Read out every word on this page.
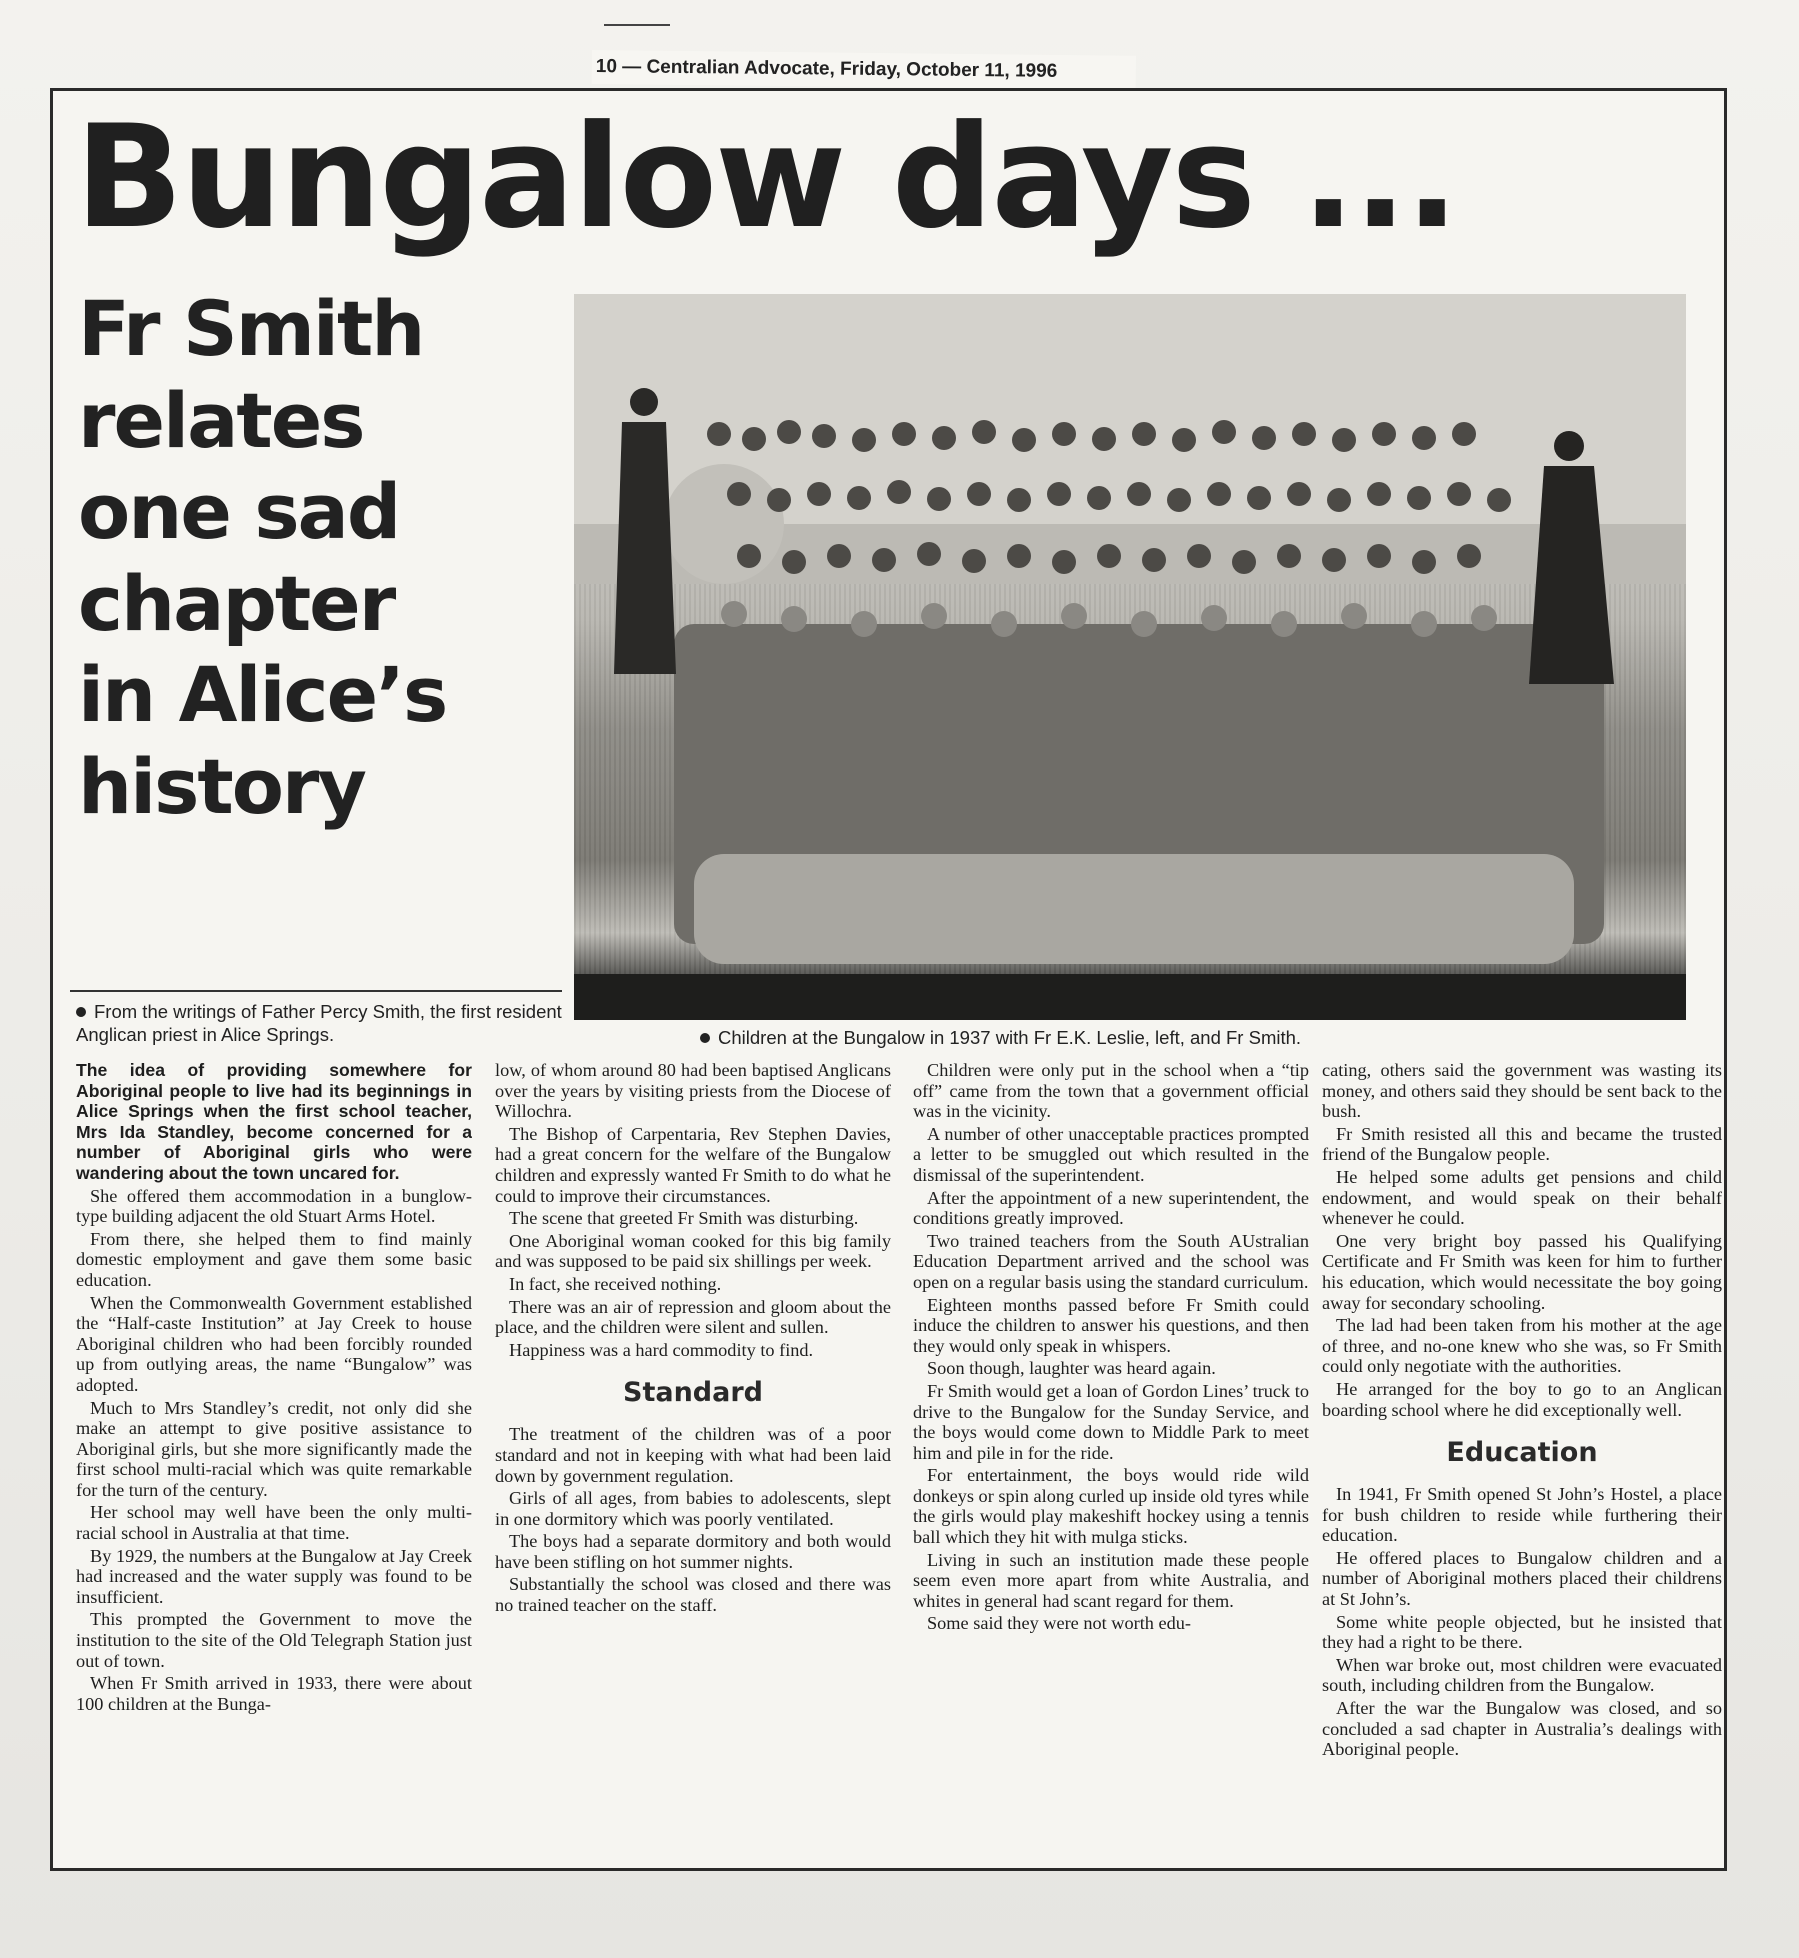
10 — Centralian Advocate, Friday, October 11, 1996
Bungalow days ...
Fr Smith
relates
one sad
chapter
in Alice’s
history
From the writings of Father Percy Smith, the first resident Anglican priest in Alice Springs.	Children at the Bungalow in 1937 with Fr E.K. Leslie, left, and Fr Smith.

The idea of providing somewhere for Aboriginal people to live had its beginnings in Alice Springs when the first school teacher, Mrs Ida Standley, become concerned for a number of Aboriginal girls who were wandering about the town uncared for.

She offered them accommodation in a bunglow-type building adjacent the old Stuart Arms Hotel.

From there, she helped them to find mainly domestic employment and gave them some basic education.

When the Commonwealth Government established the “Half-caste Institution” at Jay Creek to house Aboriginal children who had been forcibly rounded up from outlying areas, the name “Bungalow” was adopted.

Much to Mrs Standley’s credit, not only did she make an attempt to give positive assistance to Aboriginal girls, but she more significantly made the first school multi-racial which was quite remarkable for the turn of the century.

Her school may well have been the only multi-racial school in Australia at that time.

By 1929, the numbers at the Bungalow at Jay Creek had increased and the water supply was found to be insufficient.

This prompted the Government to move the institution to the site of the Old Telegraph Station just out of town.

When Fr Smith arrived in 1933, there were about 100 children at the Bunga-

low, of whom around 80 had been baptised Anglicans over the years by visiting priests from the Diocese of Willochra.

The Bishop of Carpentaria, Rev Stephen Davies, had a great concern for the welfare of the Bungalow children and expressly wanted Fr Smith to do what he could to improve their circumstances.

The scene that greeted Fr Smith was disturbing.

One Aboriginal woman cooked for this big family and was supposed to be paid six shillings per week.

In fact, she received nothing.

There was an air of repression and gloom about the place, and the children were silent and sullen.

Happiness was a hard commodity to find.

Standard

The treatment of the children was of a poor standard and not in keeping with what had been laid down by government regulation.

Girls of all ages, from babies to adolescents, slept in one dormitory which was poorly ventilated.

The boys had a separate dormitory and both would have been stifling on hot summer nights.

Substantially the school was closed and there was no trained teacher on the staff.

Children were only put in the school when a “tip off” came from the town that a government official was in the vicinity.

A number of other unacceptable practices prompted a letter to be smuggled out which resulted in the dismissal of the superintendent.

After the appointment of a new superintendent, the conditions greatly improved.

Two trained teachers from the South AUstralian Education Department arrived and the school was open on a regular basis using the standard curriculum.

Eighteen months passed before Fr Smith could induce the children to answer his questions, and then they would only speak in whispers.

Soon though, laughter was heard again.

Fr Smith would get a loan of Gordon Lines’ truck to drive to the Bungalow for the Sunday Service, and the boys would come down to Middle Park to meet him and pile in for the ride.

For entertainment, the boys would ride wild donkeys or spin along curled up inside old tyres while the girls would play makeshift hockey using a tennis ball which they hit with mulga sticks.

Living in such an institution made these people seem even more apart from white Australia, and whites in general had scant regard for them.

Some said they were not worth edu-

cating, others said the government was wasting its money, and others said they should be sent back to the bush.

Fr Smith resisted all this and became the trusted friend of the Bungalow people.

He helped some adults get pensions and child endowment, and would speak on their behalf whenever he could.

One very bright boy passed his Qualifying Certificate and Fr Smith was keen for him to further his education, which would necessitate the boy going away for secondary schooling.

The lad had been taken from his mother at the age of three, and no-one knew who she was, so Fr Smith could only negotiate with the authorities.

He arranged for the boy to go to an Anglican boarding school where he did exceptionally well.

Education

In 1941, Fr Smith opened St John’s Hostel, a place for bush children to reside while furthering their education.

He offered places to Bungalow children and a number of Aboriginal mothers placed their childrens at St John’s.

Some white people objected, but he insisted that they had a right to be there.

When war broke out, most children were evacuated south, including children from the Bungalow.

After the war the Bungalow was closed, and so concluded a sad chapter in Australia’s dealings with Aboriginal people.
